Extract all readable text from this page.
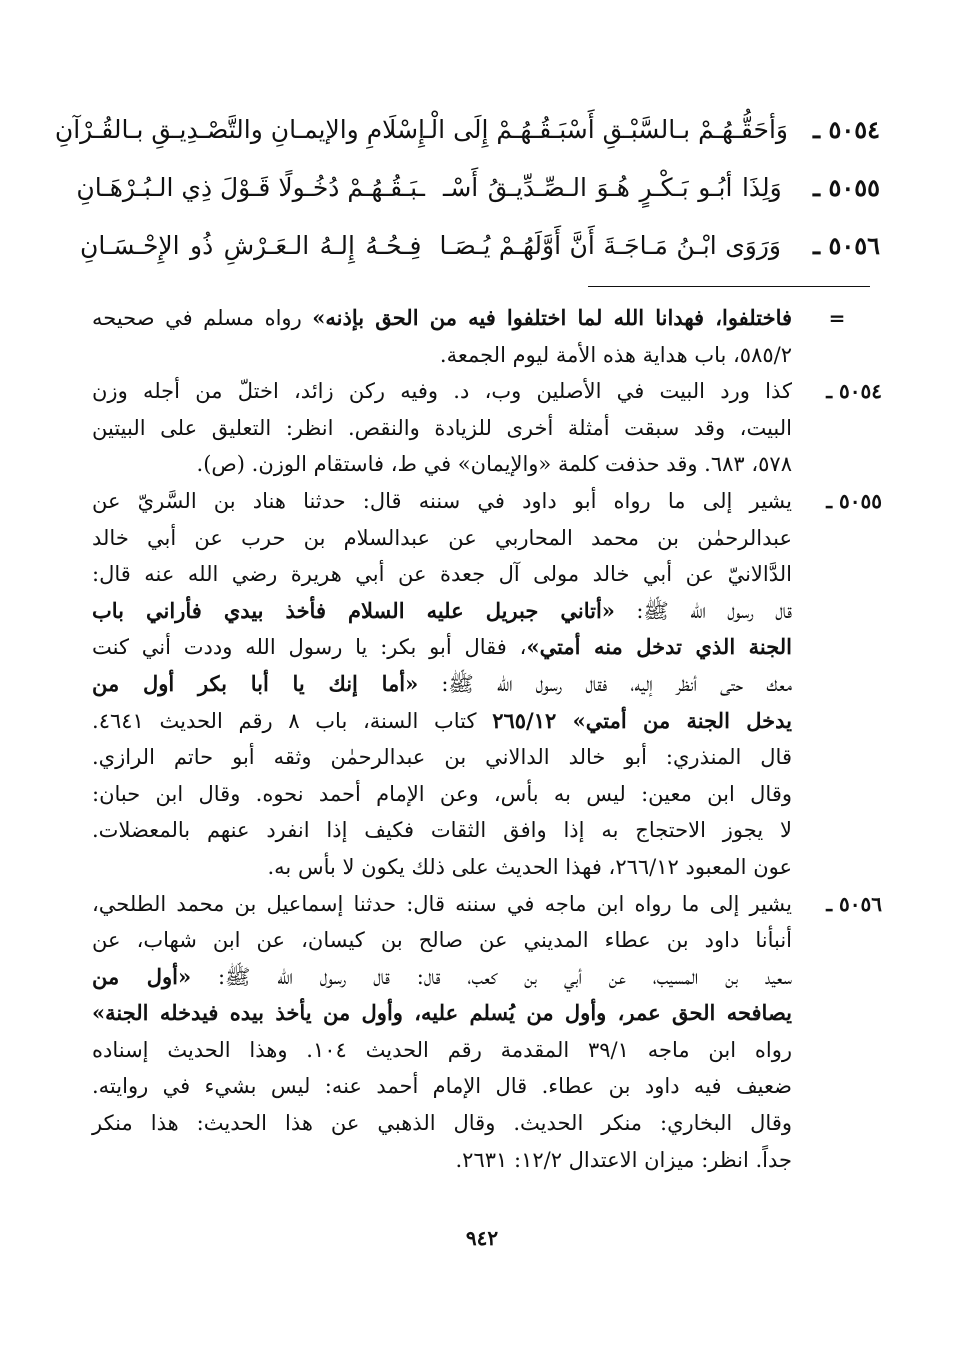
٥٠٥٤ ـ
وَأحَقُّـهُـمْ بـالسَّبْـقِ أَسْبَـقُـهُـمْ إِلَى الْـ
إِسْلَامِ والإيمـانِ والتَّصْـدِيـقِ بـالقُـرْآنِ
٥٠٥٥ ـ
وَلِذَا أبُـو بَـكْـرٍ هُـوَ الـصِّـدِّيـقُ أَسْـ
ـبَـقُـهُـمْ دُخُـولًا قَـوْلَ ذِي الـبُـرْهَـانِ
٥٠٥٦ ـ
وَرَوَى ابْـنُ مَـاجَـةَ أَنَّ أَوَّلَهُـمْ يُـصَـا
فِـحُـهُ إِلـهُ الـعَـرْشِ ذُو الإِحْـسَـانِ
=
فاختلفوا، فهدانا الله لما اختلفوا فيه من الحق بإذنه» رواه مسلم في صحيحه
٥٨٥/٢، باب هداية هذه الأمة ليوم الجمعة.
٥٠٥٤ ـ
كذا ورد البيت في الأصلين وب، د. وفيه ركن زائد، اختلّ من أجله وزن
البيت، وقد سبقت أمثلة أخرى للزيادة والنقص. انظر: التعليق على البيتين
٥٧٨، ٦٨٣. وقد حذفت كلمة «والإيمان» في ط، فاستقام الوزن. (ص).
٥٠٥٥ ـ
يشير إلى ما رواه أبو داود في سننه قال: حدثنا هناد بن السَّريّ عن
عبدالرحمٰن بن محمد المحاربي عن عبدالسلام بن حرب عن أبي خالد
الدَّالانيّ عن أبي خالد مولى آل جعدة عن أبي هريرة رضي الله عنه قال:
قال رسول الله ﷺ: «أتاني جبريل عليه السلام فأخذ بيدي فأراني باب
الجنة الذي تدخل منه أمتي»، فقال أبو بكر: يا رسول الله وددت أني كنت
معك حتى أنظر إليه، فقال رسول الله ﷺ: «أما إنك يا أبا بكر أول من
يدخل الجنة من أمتي» ٢٦٥/١٢ كتاب السنة، باب ٨ رقم الحديث ٤٦٤١.
قال المنذري: أبو خالد الدالاني بن عبدالرحمٰن وثقه أبو حاتم الرازي.
وقال ابن معين: ليس به بأس، وعن الإمام أحمد نحوه. وقال ابن حبان:
لا يجوز الاحتجاج به إذا وافق الثقات فكيف إذا انفرد عنهم بالمعضلات.
عون المعبود ٢٦٦/١٢، فهذا الحديث على ذلك يكون لا بأس به.
٥٠٥٦ ـ
يشير إلى ما رواه ابن ماجه في سننه قال: حدثنا إسماعيل بن محمد الطلحي،
أنبأنا داود بن عطاء المديني عن صالح بن كيسان، عن ابن شهاب، عن
سعيد بن المسيب، عن أبي بن كعب، قال: قال رسول الله ﷺ: «أول من
يصافحه الحق عمر، وأول من يُسلم عليه، وأول من يأخذ بيده فيدخله الجنة»
رواه ابن ماجه ٣٩/١ المقدمة رقم الحديث ١٠٤. وهذا الحديث إسناده
ضعيف فيه داود بن عطاء. قال الإمام أحمد عنه: ليس بشيء في روايته.
وقال البخاري: منكر الحديث. وقال الذهبي عن هذا الحديث: هذا منكر
جداً. انظر: ميزان الاعتدال ١٢/٢: ٢٦٣١.
٩٤٢
